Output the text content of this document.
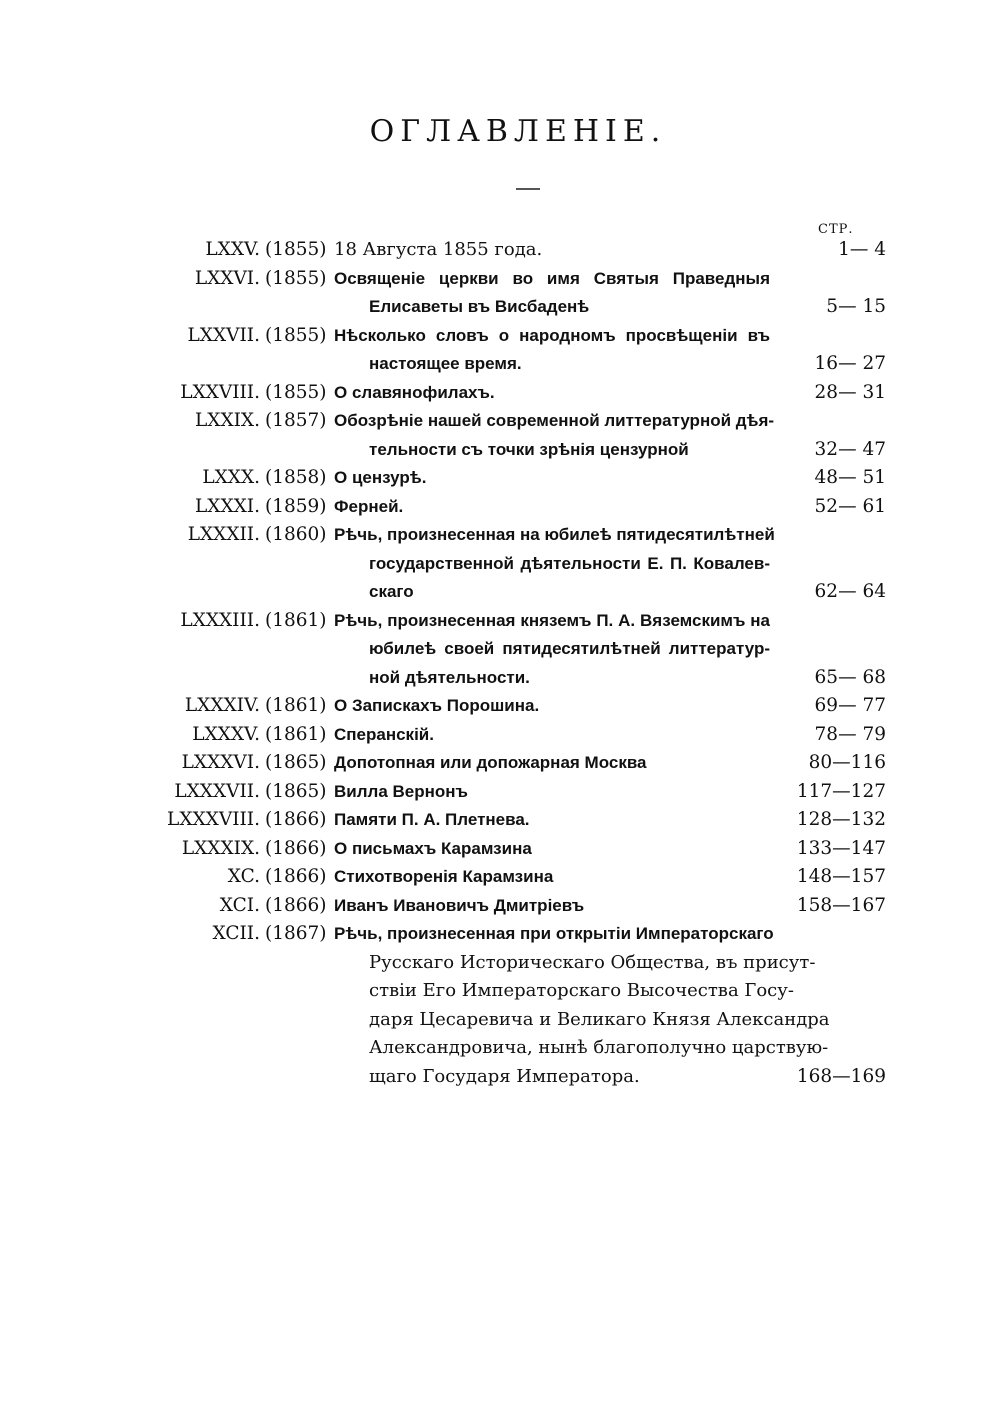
ОГЛАВЛЕНІЕ.
СТР.
LXXV. (1855) 18 Августа 1855 года.	1— 4
LXXVI. (1855) Освященіе церкви во имя Святыя Праведныя
Елисаветы въ Висбаденѣ	5— 15
LXXVII. (1855) Нѣсколько словъ о народномъ просвѣщеніи въ
настоящее время.	16— 27
LXXVIII. (1855) О славянофилахъ.	28— 31
LXXIX. (1857) Обозрѣніе нашей современной литтературной дѣя-
тельности съ точки зрѣнія цензурной	32— 47
LXXX. (1858) О цензурѣ.	48— 51
LXXXI. (1859) Ферней.	52— 61
LXXXII. (1860) Рѣчь, произнесенная на юбилеѣ пятидесятилѣтней
государственной дѣятельности Е. П. Ковалев-
скаго	62— 64
LXXXIII. (1861) Рѣчь, произнесенная княземъ П. А. Вяземскимъ на
юбилеѣ своей пятидесятилѣтней литтератур-
ной дѣятельности.	65— 68
LXXXIV. (1861) О Запискахъ Порошина.	69— 77
LXXXV. (1861) Сперанскій.	78— 79
LXXXVI. (1865) Допотопная или допожарная Москва	80—116
LXXXVII. (1865) Вилла Вернонъ	117—127
LXXXVIII. (1866) Памяти П. А. Плетнева.	128—132
LXXXIX. (1866) О письмахъ Карамзина	133—147
XC. (1866) Стихотворенія Карамзина	148—157
XCI. (1866) Иванъ Ивановичъ Дмитріевъ	158—167
XCII. (1867) Рѣчь, произнесенная при открытіи Императорскаго
Русскаго Историческаго Общества, въ присут-
ствіи Его Императорскаго Высочества Госу-
даря Цесаревича и Великаго Князя Александра
Александровича, нынѣ благополучно царствую-
щаго Государя Императора.	168—169
